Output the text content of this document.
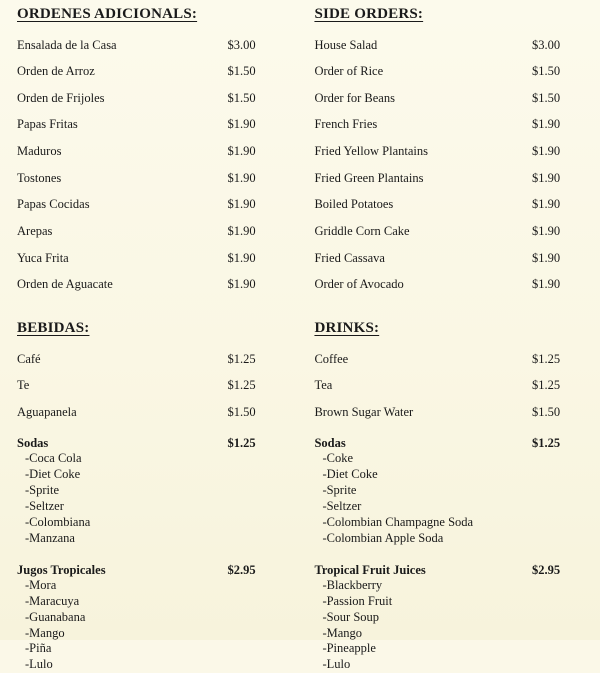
ORDENES ADICIONALS:
Ensalada de la Casa	$3.00
Orden de Arroz	$1.50
Orden de Frijoles	$1.50
Papas Fritas	$1.90
Maduros	$1.90
Tostones	$1.90
Papas Cocidas	$1.90
Arepas	$1.90
Yuca Frita	$1.90
Orden de Aguacate	$1.90
BEBIDAS:
Café	$1.25
Te	$1.25
Aguapanela	$1.50
Sodas	$1.25
-Coca Cola
-Diet Coke
-Sprite
-Seltzer
-Colombiana
-Manzana
Jugos Tropicales	$2.95
-Mora
-Maracuya
-Guanabana
-Mango
-Piña
-Lulo
SIDE ORDERS:
House Salad	$3.00
Order of Rice	$1.50
Order for Beans	$1.50
French Fries	$1.90
Fried Yellow Plantains	$1.90
Fried Green Plantains	$1.90
Boiled Potatoes	$1.90
Griddle Corn Cake	$1.90
Fried Cassava	$1.90
Order of Avocado	$1.90
DRINKS:
Coffee	$1.25
Tea	$1.25
Brown Sugar Water	$1.50
Sodas	$1.25
-Coke
-Diet Coke
-Sprite
-Seltzer
-Colombian Champagne Soda
-Colombian Apple Soda
Tropical Fruit Juices	$2.95
-Blackberry
-Passion Fruit
-Sour Soup
-Mango
-Pineapple
-Lulo
